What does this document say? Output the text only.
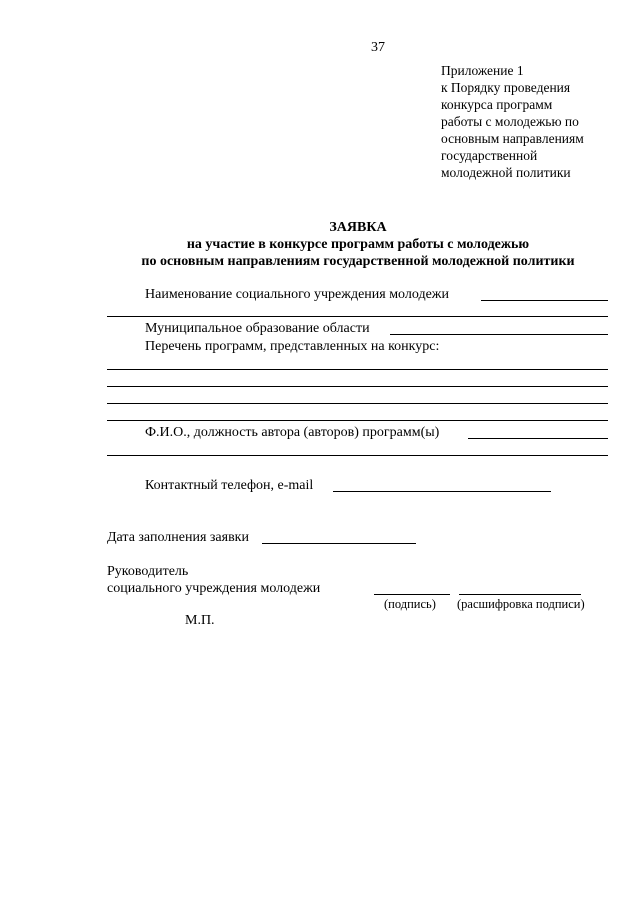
37
Приложение 1
к Порядку проведения
конкурса программ
работы с молодежью по
основным направлениям
государственной
молодежной политики
ЗАЯВКА
на участие в конкурсе программ работы с молодежью
по основным направлениям государственной молодежной политики
Наименование социального учреждения молодежи
Муниципальное образование области
Перечень программ, представленных на конкурс:
Ф.И.О., должность автора (авторов) программ(ы)
Контактный телефон, e-mail
Дата заполнения заявки
Руководитель
социального учреждения молодежи
(подпись) (расшифровка подписи)
М.П.
